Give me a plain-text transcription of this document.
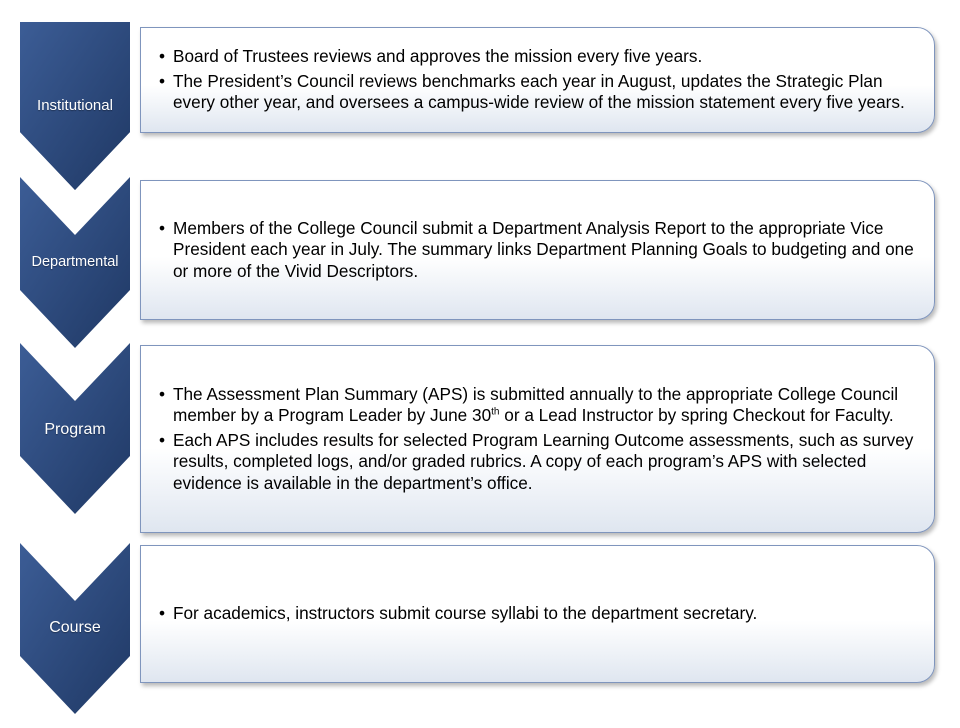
Institutional
• Board of Trustees reviews and approves the mission every five years.
• The President’s Council reviews benchmarks each year in August, updates the Strategic Plan every other year, and oversees a campus-wide review of the mission statement every five years.
Departmental
• Members of the College Council submit a Department Analysis Report to the appropriate Vice President each year in July. The summary links Department Planning Goals to budgeting and one or more of the Vivid Descriptors.
Program
• The Assessment Plan Summary (APS) is submitted annually to the appropriate College Council member by a Program Leader by June 30th or a Lead Instructor by spring Checkout for Faculty.
• Each APS includes results for selected Program Learning Outcome assessments, such as survey results, completed logs, and/or graded rubrics. A copy of each program’s APS with selected evidence is available in the department’s office.
Course
• For academics, instructors submit course syllabi to the department secretary.
